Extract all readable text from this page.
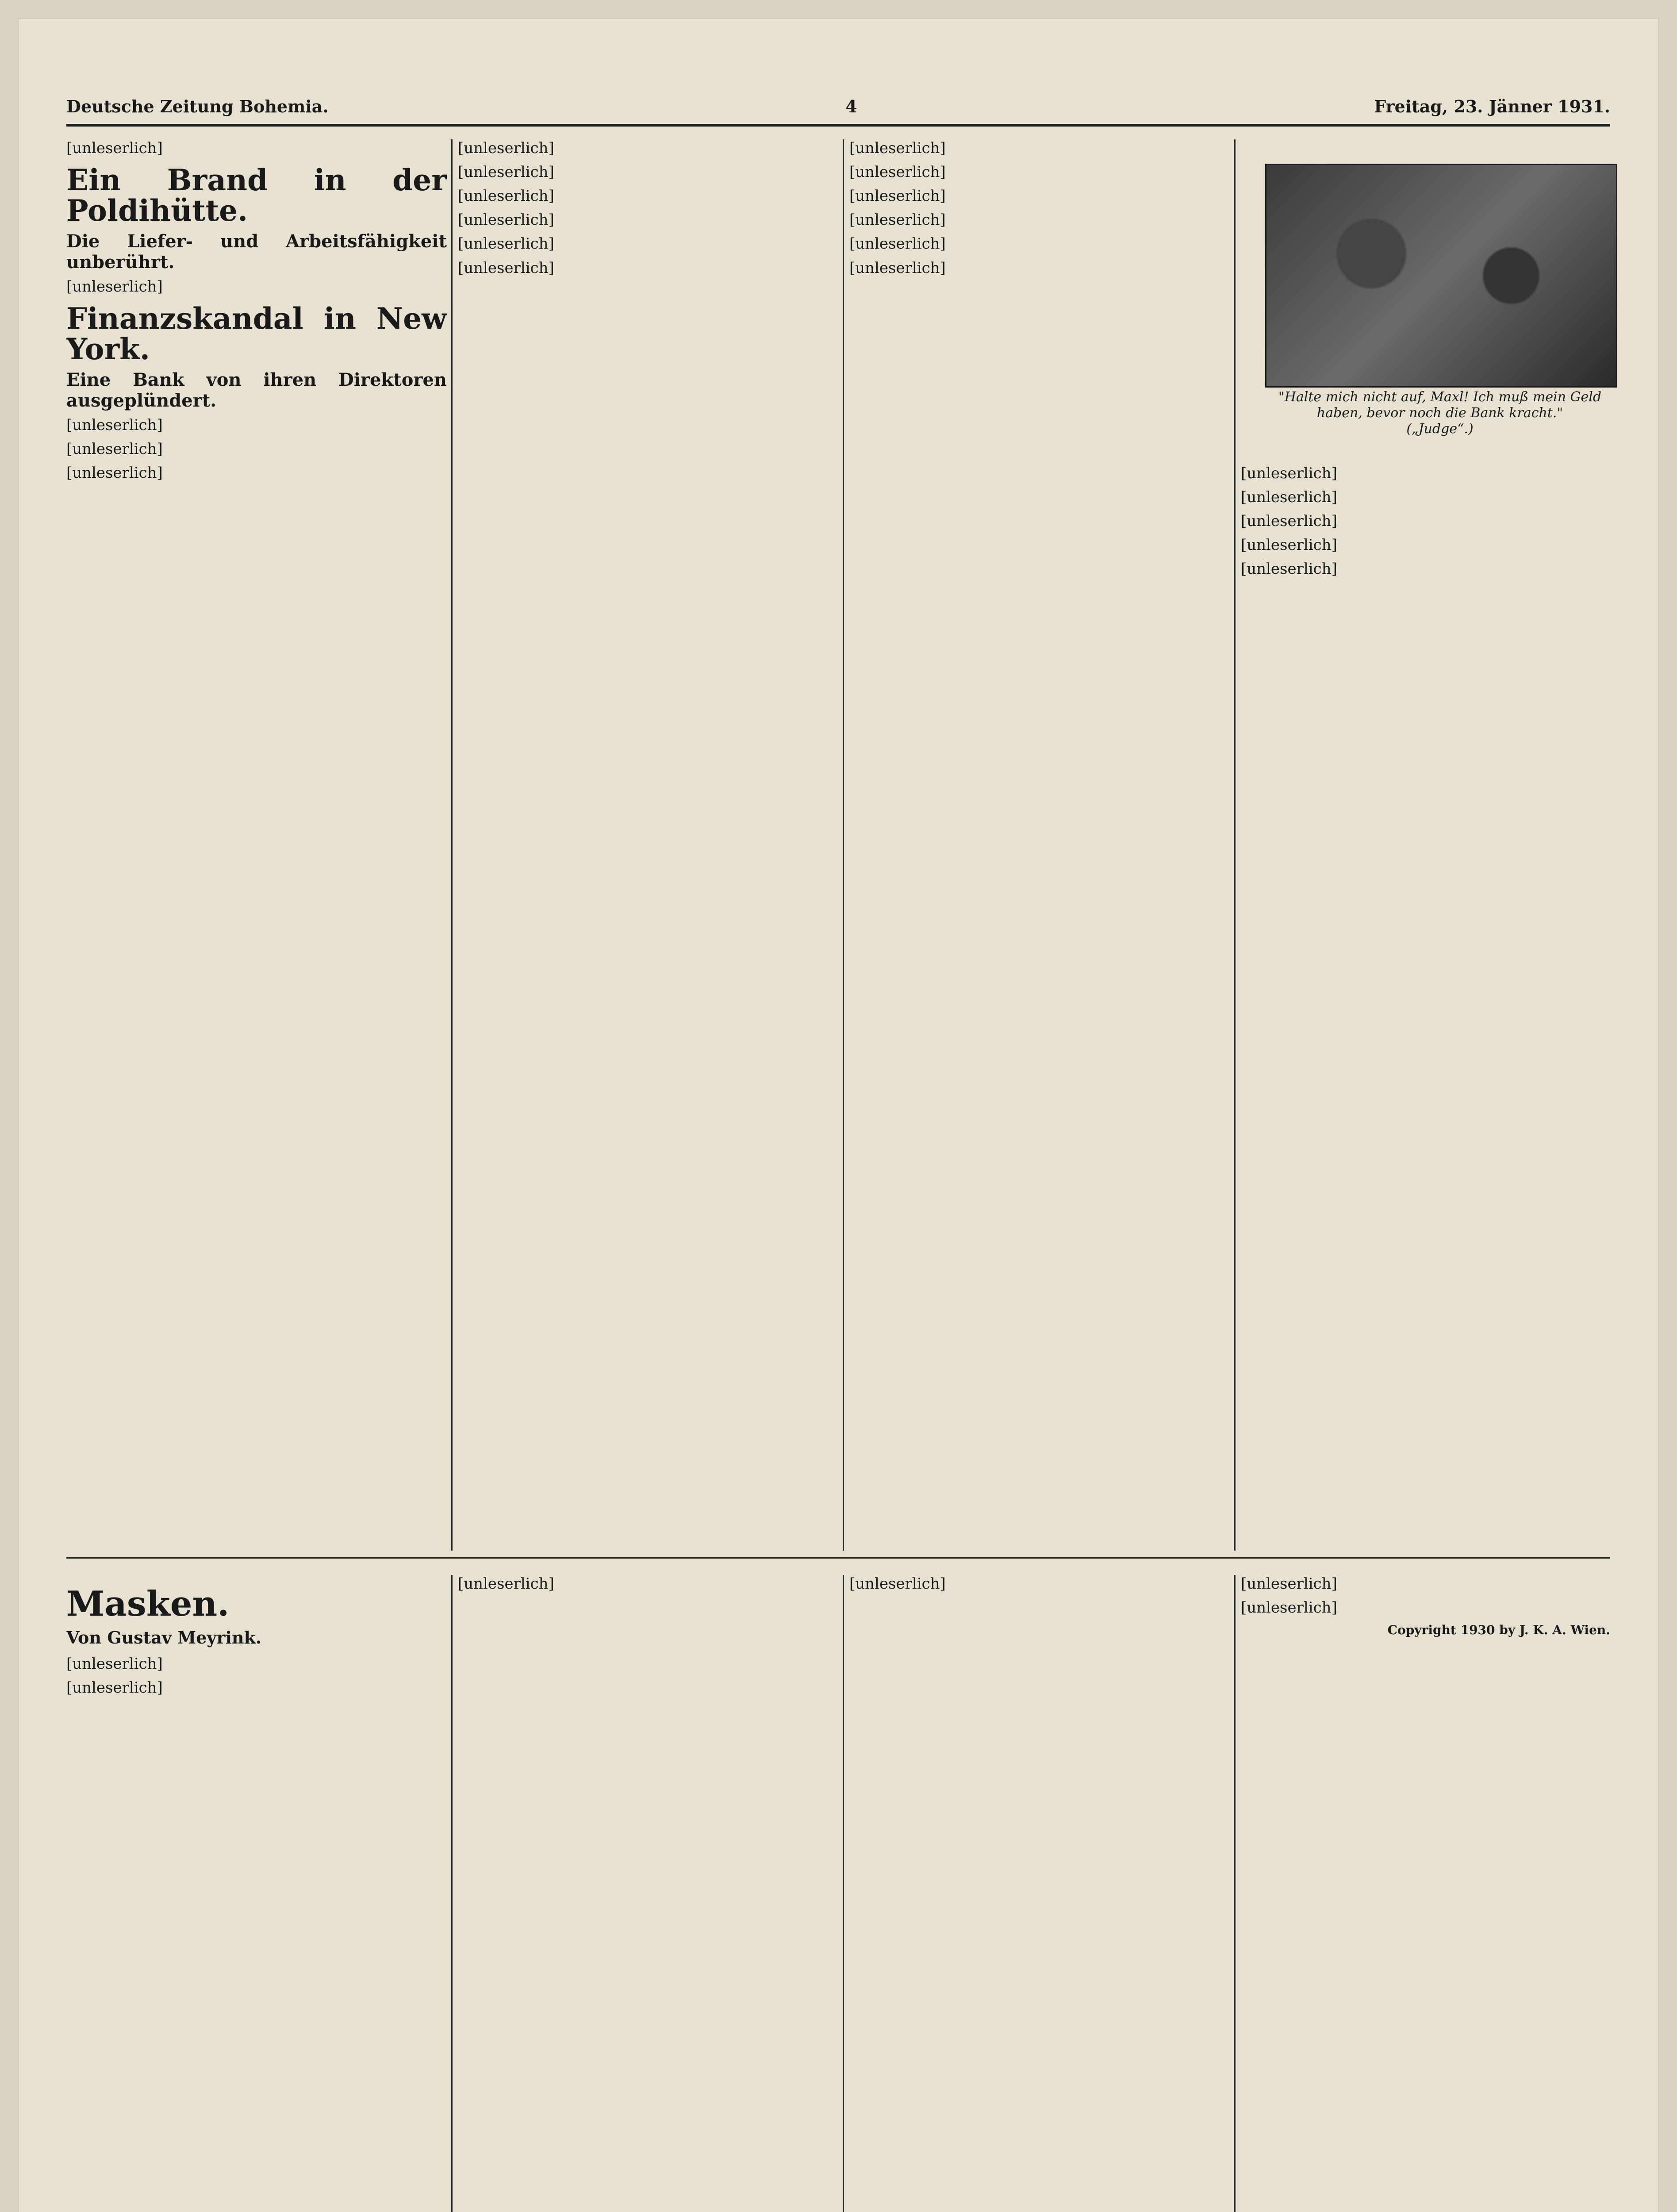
Deutsche Zeitung Bohemia.	4	Freitag, 23. Jänner 1931.

[unleserlich]

Ein Brand in der Poldihütte.
Die Liefer- und Arbeitsfähigkeit unberührt.

[unleserlich]

Finanzskandal in New York.
Eine Bank von ihren Direktoren ausgeplündert.

[unleserlich]

[unleserlich]

[unleserlich]

[unleserlich]

[unleserlich]

[unleserlich]

[unleserlich]

[unleserlich]

[unleserlich]

[unleserlich]

[unleserlich]

[unleserlich]

[unleserlich]

[unleserlich]

[unleserlich]

"Halte mich nicht auf, Maxl! Ich muß mein Geld haben, bevor noch die Bank kracht."
(„Judge“.)

[unleserlich]

[unleserlich]

[unleserlich]

[unleserlich]

[unleserlich]

Masken.
Von Gustav Meyrink.

[unleserlich]

[unleserlich]

[unleserlich]	[unleserlich]	[unleserlich]

[unleserlich]

Copyright 1930 by J. K. A. Wien.
